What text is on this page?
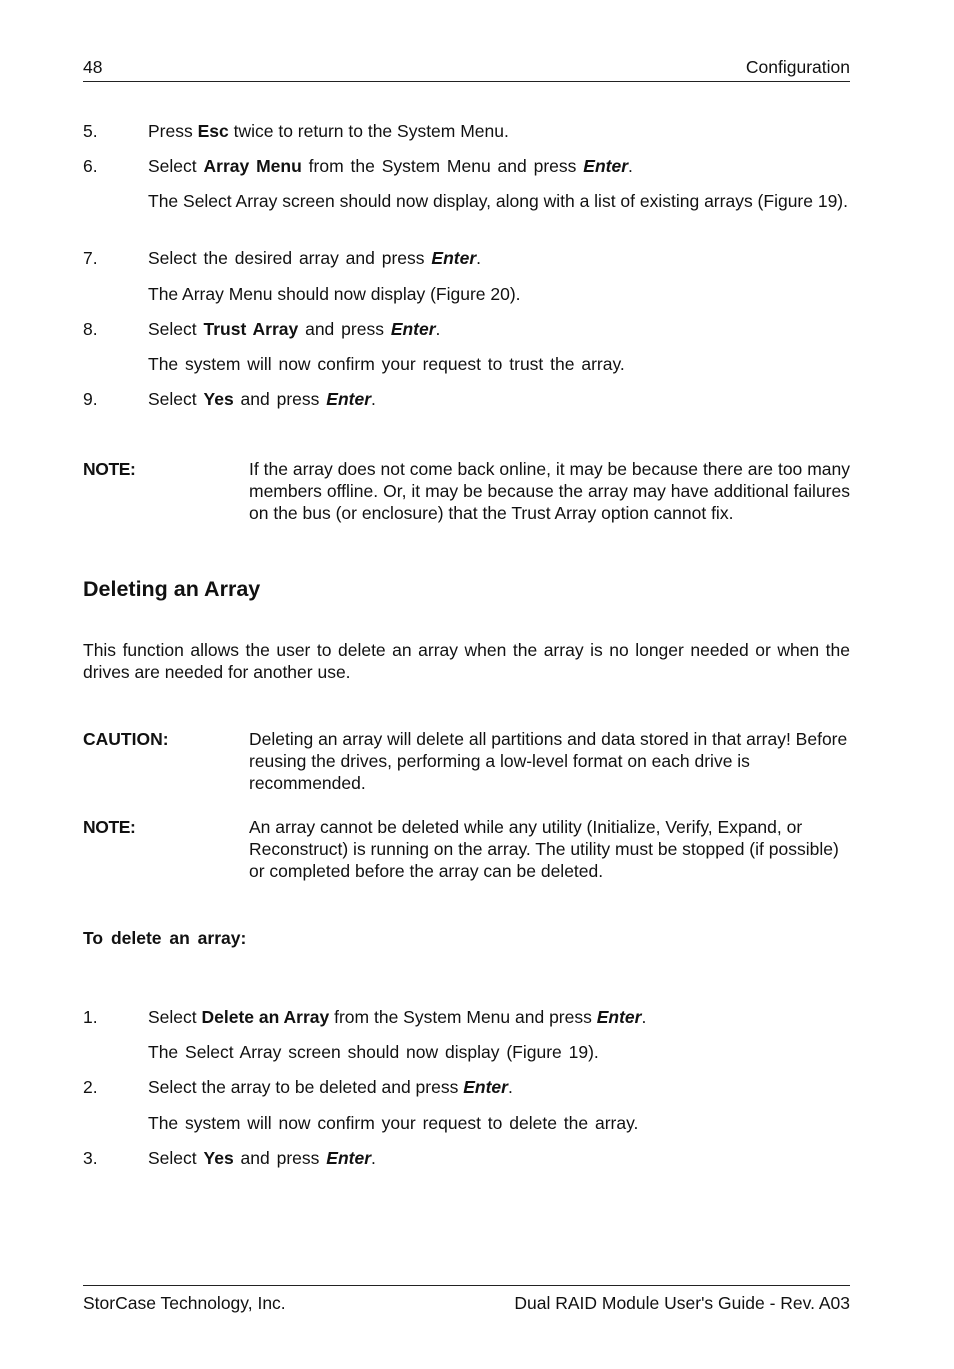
48	Configuration
5.	Press Esc twice to return to the System Menu.
6.	Select Array Menu from the System Menu and press Enter.
The Select Array screen should now display, along with a list of existing arrays (Figure 19).
7.	Select the desired array and press Enter.
The Array Menu should now display (Figure 20).
8.	Select Trust Array and press Enter.
The system will now confirm your request to trust the array.
9.	Select Yes and press Enter.
NOTE:	If the array does not come back online, it may be because there are too many members offline. Or, it may be because the array may have additional failures on the bus (or enclosure) that the Trust Array option cannot fix.
Deleting an Array
This function allows the user to delete an array when the array is no longer needed or when the drives are needed for another use.
CAUTION:	Deleting an array will delete all partitions and data stored in that array! Before reusing the drives, performing a low-level format on each drive is recommended.
NOTE:	An array cannot be deleted while any utility (Initialize, Verify, Expand, or Reconstruct) is running on the array. The utility must be stopped (if possible) or completed before the array can be deleted.
To delete an array:
1.	Select Delete an Array from the System Menu and press Enter.
The Select Array screen should now display (Figure 19).
2.	Select the array to be deleted and press Enter.
The system will now confirm your request to delete the array.
3.	Select Yes and press Enter.
StorCase Technology, Inc.	Dual RAID Module User's Guide - Rev. A03
